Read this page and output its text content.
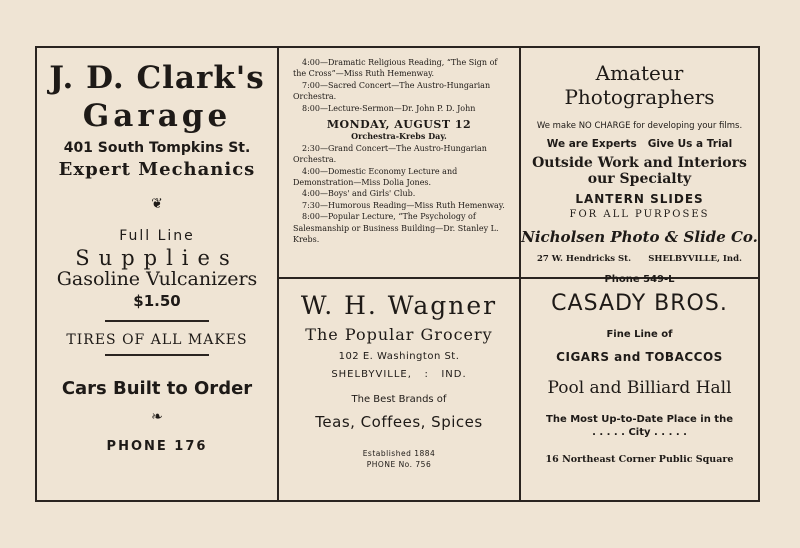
J. D. Clark's
Garage
401 South Tompkins St.
Expert Mechanics
❦
Full Line
Supplies
Gasoline Vulcanizers
$1.50
TIRES OF ALL MAKES
Cars Built to Order
❧
PHONE 176

4:00—Dramatic Religious Reading, “The Sign of the Cross”—Miss Ruth Hemenway.

7:00—Sacred Concert—The Austro-Hungarian Orchestra.

8:00—Lecture-Sermon—Dr. John P. D. John

MONDAY, AUGUST 12
Orchestra-Krebs Day.

2:30—Grand Concert—The Austro-Hungarian Orchestra.

4:00—Domestic Economy Lecture and Demonstration—Miss Dolia Jones.

4:00—Boys' and Girls' Club.

7:30—Humorous Reading—Miss Ruth Hemenway.

8:00—Popular Lecture, “The Psychology of Salesmanship or Business Building—Dr. Stanley L. Krebs.

Amateur Photographers
We make NO CHARGE for developing your films.
We are Experts   Give Us a Trial
Outside Work and Interiors our Specialty
LANTERN SLIDES
FOR ALL PURPOSES
Nicholsen Photo & Slide Co.
27 W. Hendricks St. SHELBYVILLE, Ind.
Phone 549-L
W. H. Wagner
The Popular Grocery
102 E. Washington St.
SHELBYVILLE,   :   IND.
The Best Brands of
Teas, Coffees, Spices
Established 1884
PHONE No. 756
CASADY BROS.
Fine Line of
CIGARS and TOBACCOS
Pool and Billiard Hall
The Most Up-to-Date Place in the
. . . . . City . . . . .
16 Northeast Corner Public Square
